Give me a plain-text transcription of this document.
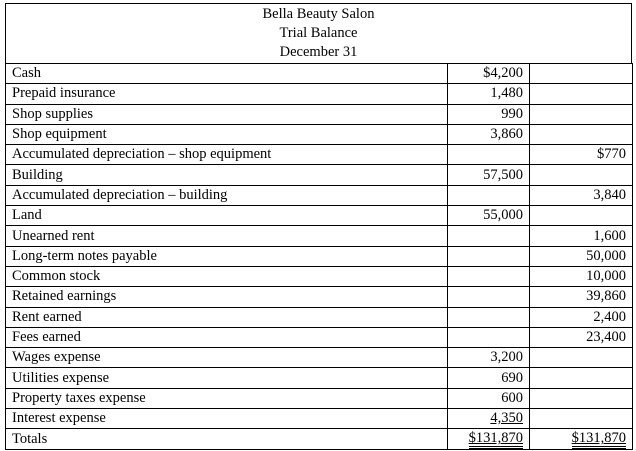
Bella Beauty Salon
Trial Balance
December 31
Cash	$4,200	
Prepaid insurance	1,480	
Shop supplies	990	
Shop equipment	3,860	
Accumulated depreciation – shop equipment		$770
Building	57,500	
Accumulated depreciation – building		3,840
Land	55,000	
Unearned rent		1,600
Long-term notes payable		50,000
Common stock		10,000
Retained earnings		39,860
Rent earned		2,400
Fees earned		23,400
Wages expense	3,200	
Utilities expense	690	
Property taxes expense	600	
Interest expense	4,350	
Totals	$131,870	$131,870
